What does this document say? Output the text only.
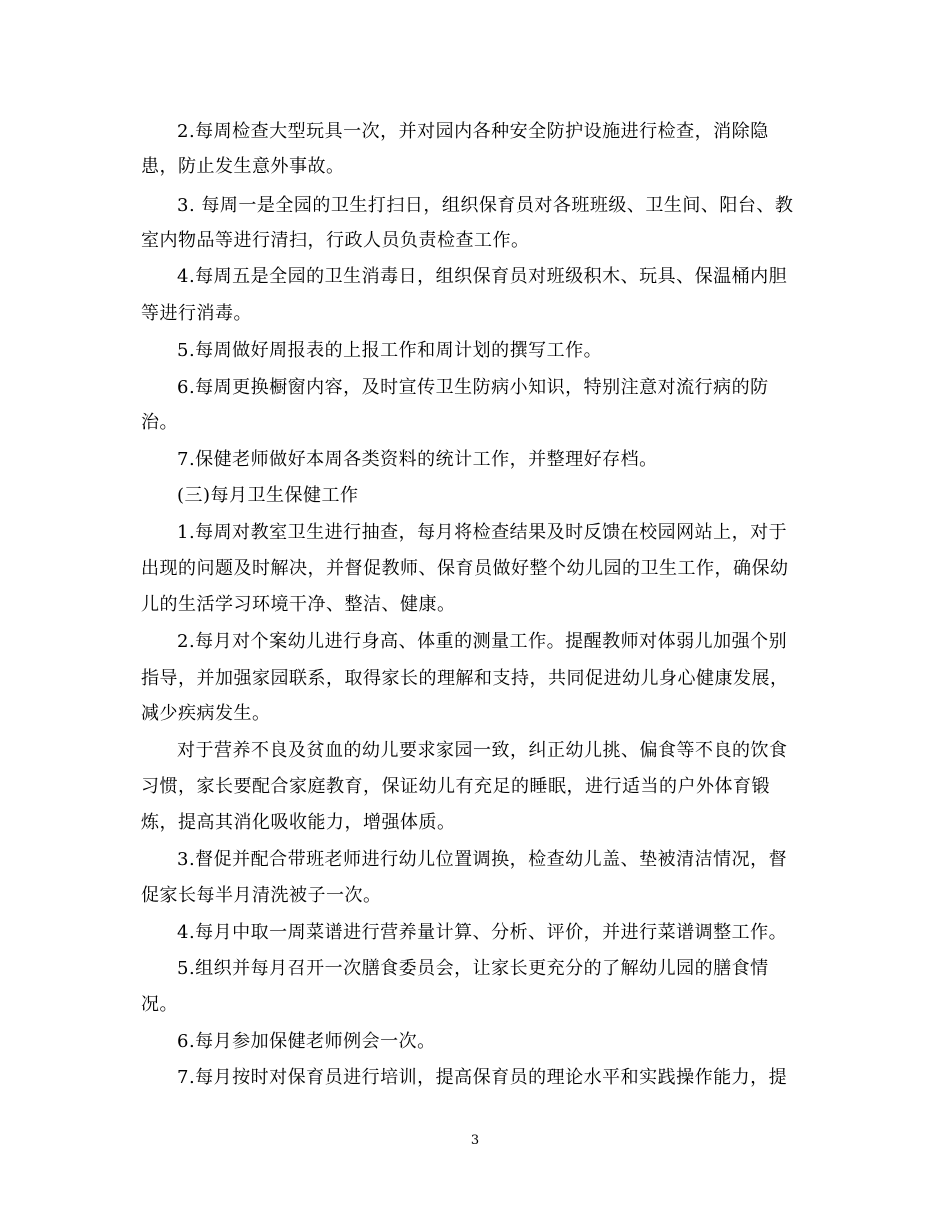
2.每周检查大型玩具一次，并对园内各种安全防护设施进行检查，消除隐
患，防止发生意外事故。
3. 每周一是全园的卫生打扫日，组织保育员对各班班级、卫生间、阳台、教
室内物品等进行清扫，行政人员负责检查工作。
4.每周五是全园的卫生消毒日，组织保育员对班级积木、玩具、保温桶内胆
等进行消毒。
5.每周做好周报表的上报工作和周计划的撰写工作。
6.每周更换橱窗内容，及时宣传卫生防病小知识，特别注意对流行病的防
治。
7.保健老师做好本周各类资料的统计工作，并整理好存档。
(三)每月卫生保健工作
1.每周对教室卫生进行抽查，每月将检查结果及时反馈在校园网站上，对于
出现的问题及时解决，并督促教师、保育员做好整个幼儿园的卫生工作，确保幼
儿的生活学习环境干净、整洁、健康。
2.每月对个案幼儿进行身高、体重的测量工作。提醒教师对体弱儿加强个别
指导，并加强家园联系，取得家长的理解和支持，共同促进幼儿身心健康发展，
减少疾病发生。
对于营养不良及贫血的幼儿要求家园一致，纠正幼儿挑、偏食等不良的饮食
习惯，家长要配合家庭教育，保证幼儿有充足的睡眠，进行适当的户外体育锻
炼，提高其消化吸收能力，增强体质。
3.督促并配合带班老师进行幼儿位置调换，检查幼儿盖、垫被清洁情况，督
促家长每半月清洗被子一次。
4.每月中取一周菜谱进行营养量计算、分析、评价，并进行菜谱调整工作。
5.组织并每月召开一次膳食委员会，让家长更充分的了解幼儿园的膳食情
况。
6.每月参加保健老师例会一次。
7.每月按时对保育员进行培训，提高保育员的理论水平和实践操作能力，提
3
